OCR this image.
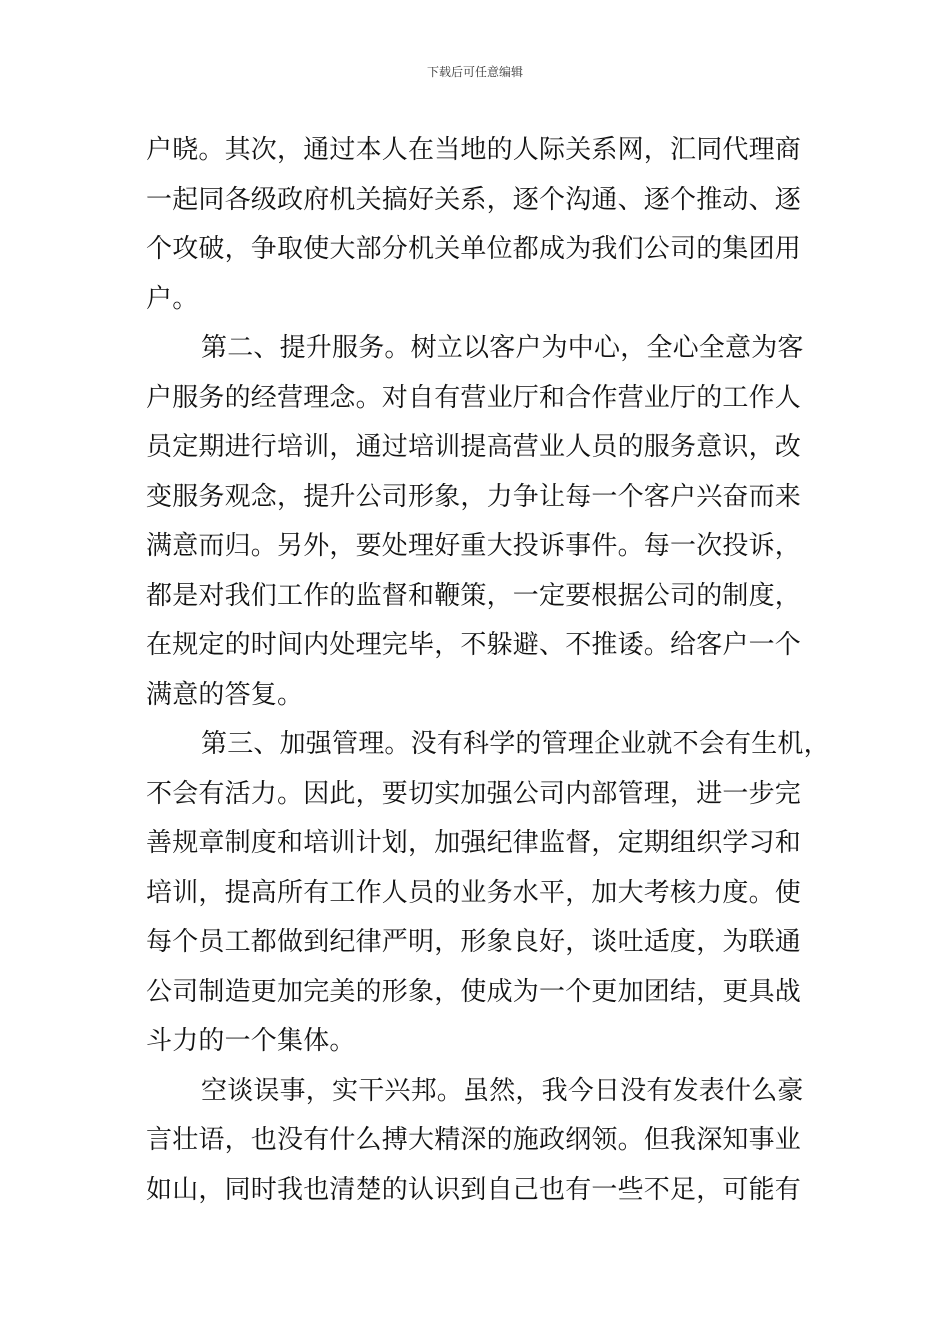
下载后可任意编辑
户晓。其次，通过本人在当地的人际关系网，汇同代理商
一起同各级政府机关搞好关系，逐个沟通、逐个推动、逐
个攻破，争取使大部分机关单位都成为我们公司的集团用
户。
第二、提升服务。树立以客户为中心，全心全意为客
户服务的经营理念。对自有营业厅和合作营业厅的工作人
员定期进行培训，通过培训提高营业人员的服务意识，改
变服务观念，提升公司形象，力争让每一个客户兴奋而来
满意而归。另外，要处理好重大投诉事件。每一次投诉，
都是对我们工作的监督和鞭策，一定要根据公司的制度，
在规定的时间内处理完毕，不躲避、不推诿。给客户一个
满意的答复。
第三、加强管理。没有科学的管理企业就不会有生机，
不会有活力。因此，要切实加强公司内部管理，进一步完
善规章制度和培训计划，加强纪律监督，定期组织学习和
培训，提高所有工作人员的业务水平，加大考核力度。使
每个员工都做到纪律严明，形象良好，谈吐适度，为联通
公司制造更加完美的形象，使成为一个更加团结，更具战
斗力的一个集体。
空谈误事，实干兴邦。虽然，我今日没有发表什么豪
言壮语，也没有什么搏大精深的施政纲领。但我深知事业
如山，同时我也清楚的认识到自己也有一些不足，可能有
